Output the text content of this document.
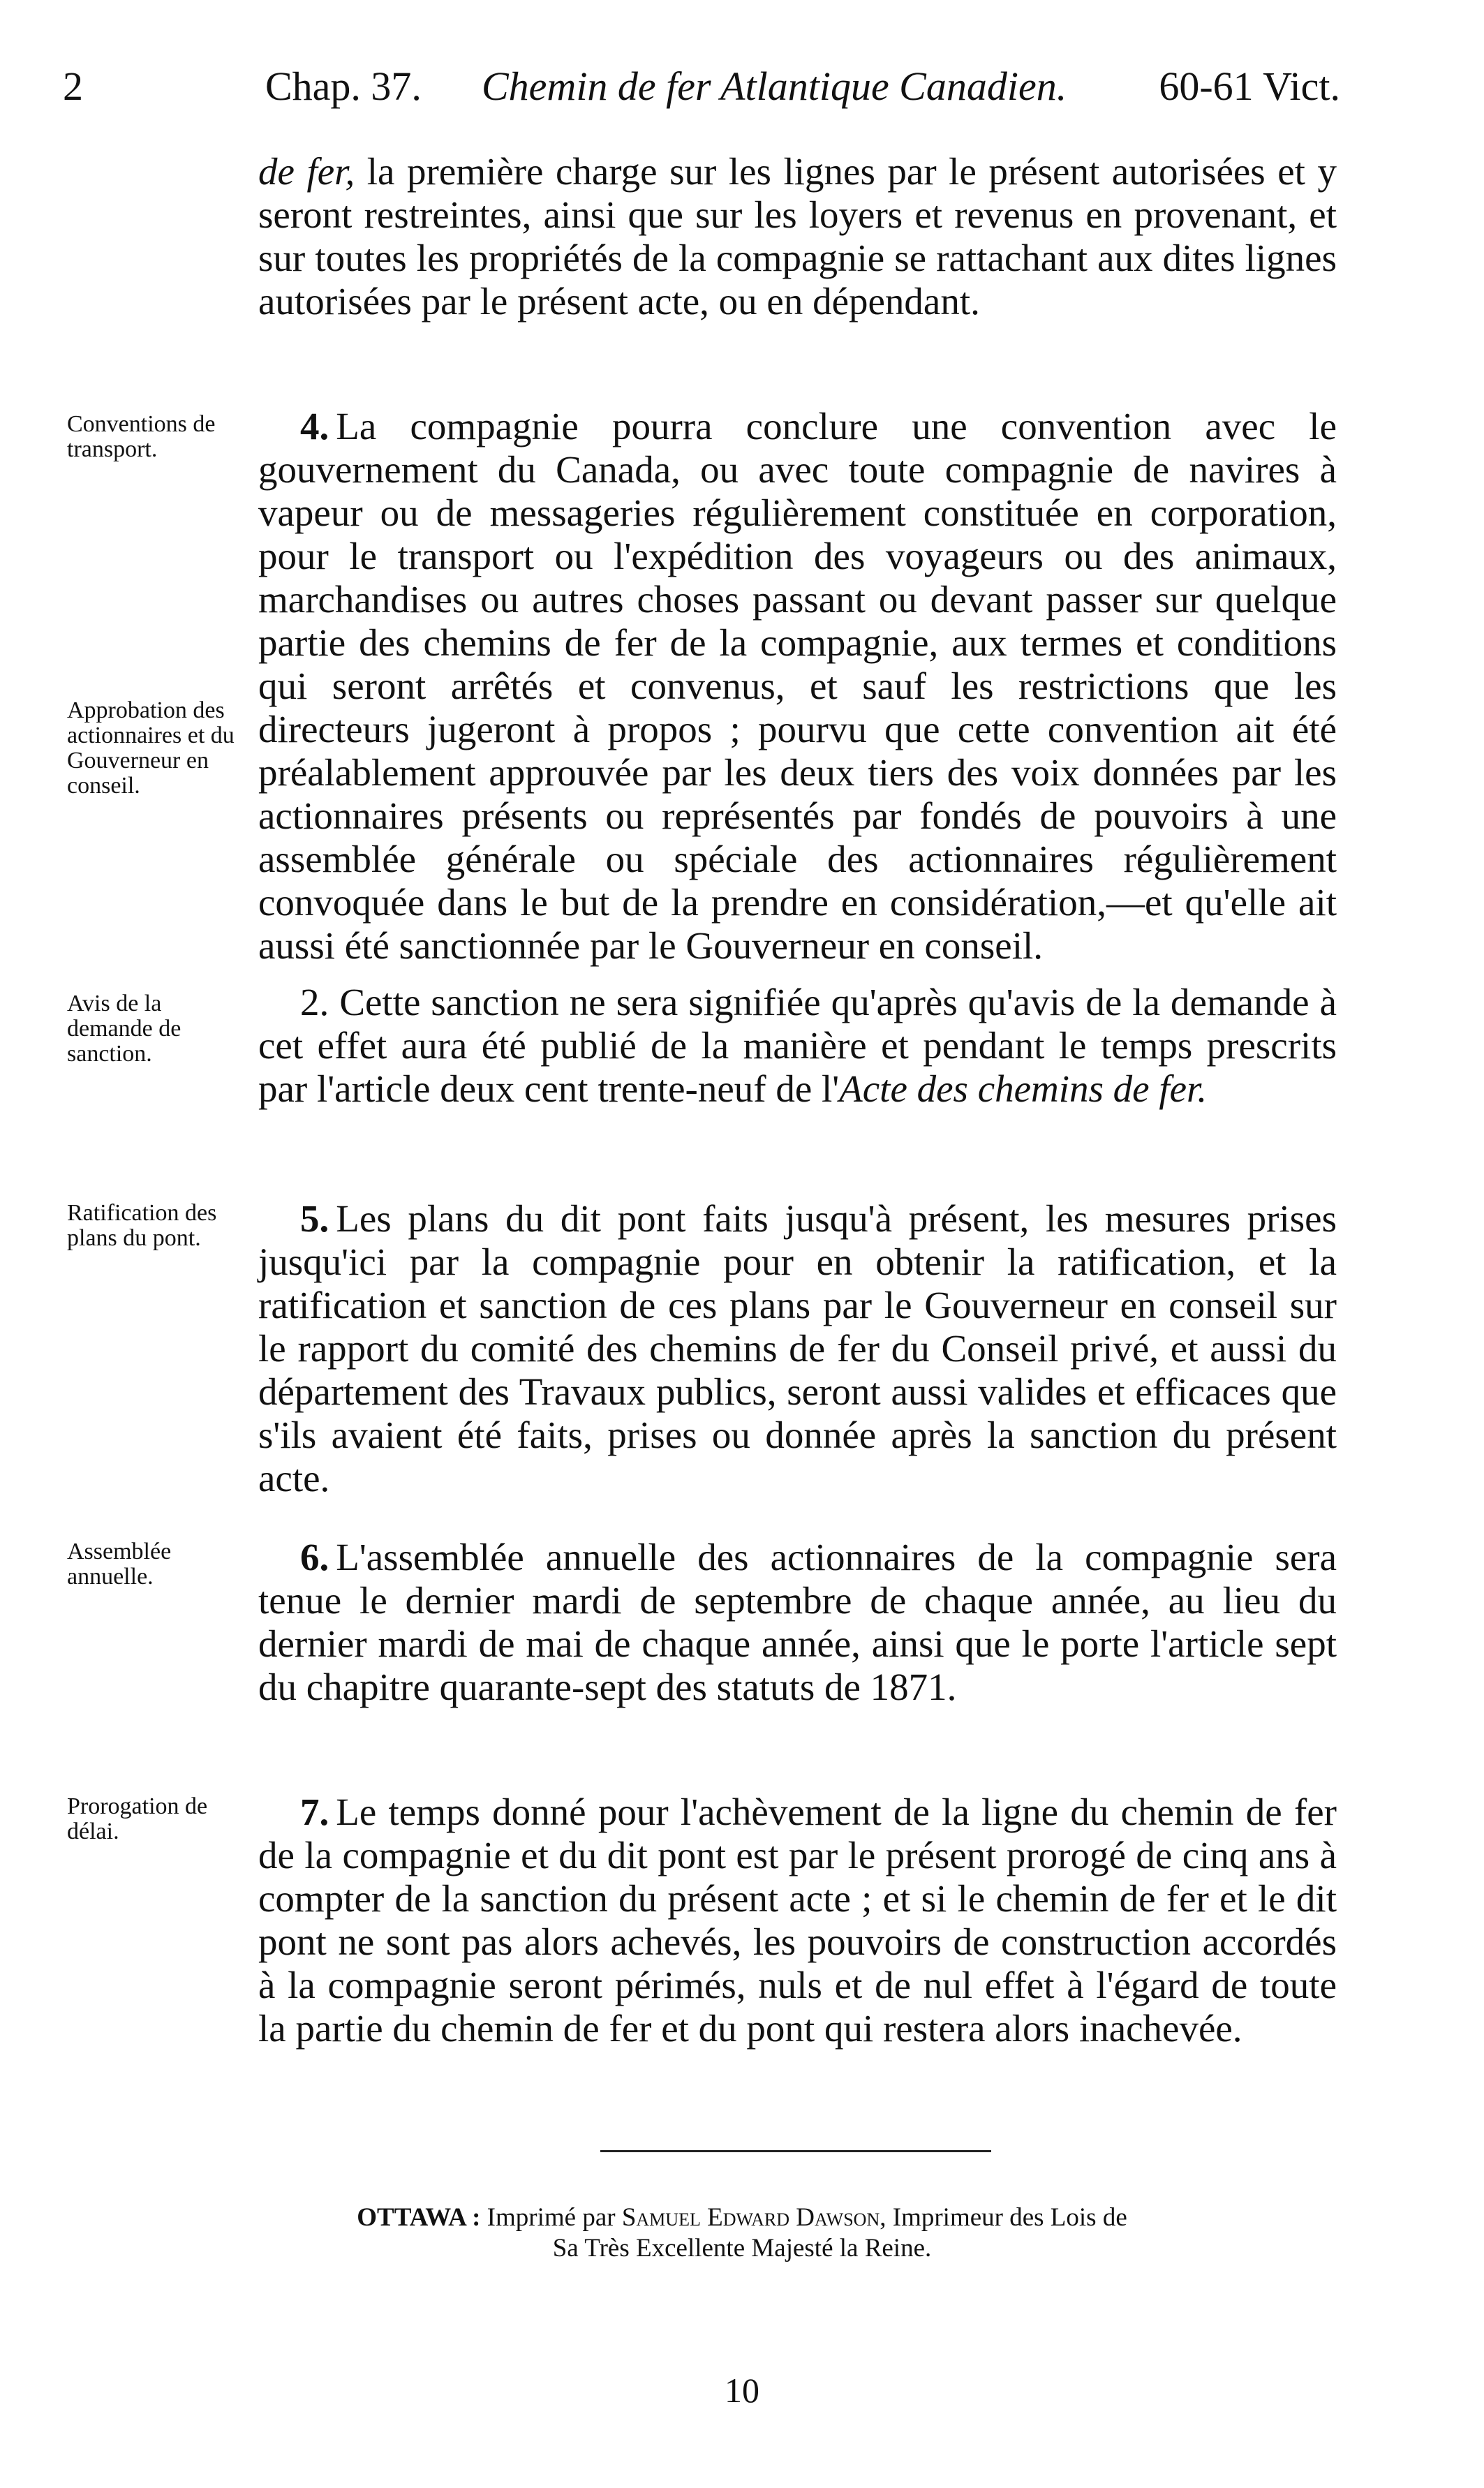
2	Chap. 37. Chemin de fer Atlantique Canadien. 60-61 Vict.
de fer, la première charge sur les lignes par le présent autorisées et y seront restreintes, ainsi que sur les loyers et revenus en provenant, et sur toutes les propriétés de la compagnie se rattachant aux dites lignes autorisées par le présent acte, ou en dépendant.
4. La compagnie pourra conclure une convention avec le gouvernement du Canada, ou avec toute compagnie de navires à vapeur ou de messageries régulièrement constituée en corporation, pour le transport ou l'expédition des voyageurs ou des animaux, marchandises ou autres choses passant ou devant passer sur quelque partie des chemins de fer de la compagnie, aux termes et conditions qui seront arrêtés et convenus, et sauf les restrictions que les directeurs jugeront à propos ; pourvu que cette convention ait été préalablement approuvée par les deux tiers des voix données par les actionnaires présents ou représentés par fondés de pouvoirs à une assemblée générale ou spéciale des actionnaires régulièrement convoquée dans le but de la prendre en considération,—et qu'elle ait aussi été sanctionnée par le Gouverneur en conseil.
2. Cette sanction ne sera signifiée qu'après qu'avis de la demande à cet effet aura été publié de la manière et pendant le temps prescrits par l'article deux cent trente-neuf de l'Acte des chemins de fer.
5. Les plans du dit pont faits jusqu'à présent, les mesures prises jusqu'ici par la compagnie pour en obtenir la ratification, et la ratification et sanction de ces plans par le Gouverneur en conseil sur le rapport du comité des chemins de fer du Conseil privé, et aussi du département des Travaux publics, seront aussi valides et efficaces que s'ils avaient été faits, prises ou donnée après la sanction du présent acte.
6. L'assemblée annuelle des actionnaires de la compagnie sera tenue le dernier mardi de septembre de chaque année, au lieu du dernier mardi de mai de chaque année, ainsi que le porte l'article sept du chapitre quarante-sept des statuts de 1871.
7. Le temps donné pour l'achèvement de la ligne du chemin de fer de la compagnie et du dit pont est par le présent prorogé de cinq ans à compter de la sanction du présent acte ; et si le chemin de fer et le dit pont ne sont pas alors achevés, les pouvoirs de construction accordés à la compagnie seront périmés, nuls et de nul effet à l'égard de toute la partie du chemin de fer et du pont qui restera alors inachevée.
Conventions de transport.
Approbation des actionnaires et du Gouverneur en conseil.
Avis de la demande de sanction.
Ratification des plans du pont.
Assemblée annuelle.
Prorogation de délai.
OTTAWA : Imprimé par Samuel Edward Dawson, Imprimeur des Lois de
Sa Très Excellente Majesté la Reine.
10
